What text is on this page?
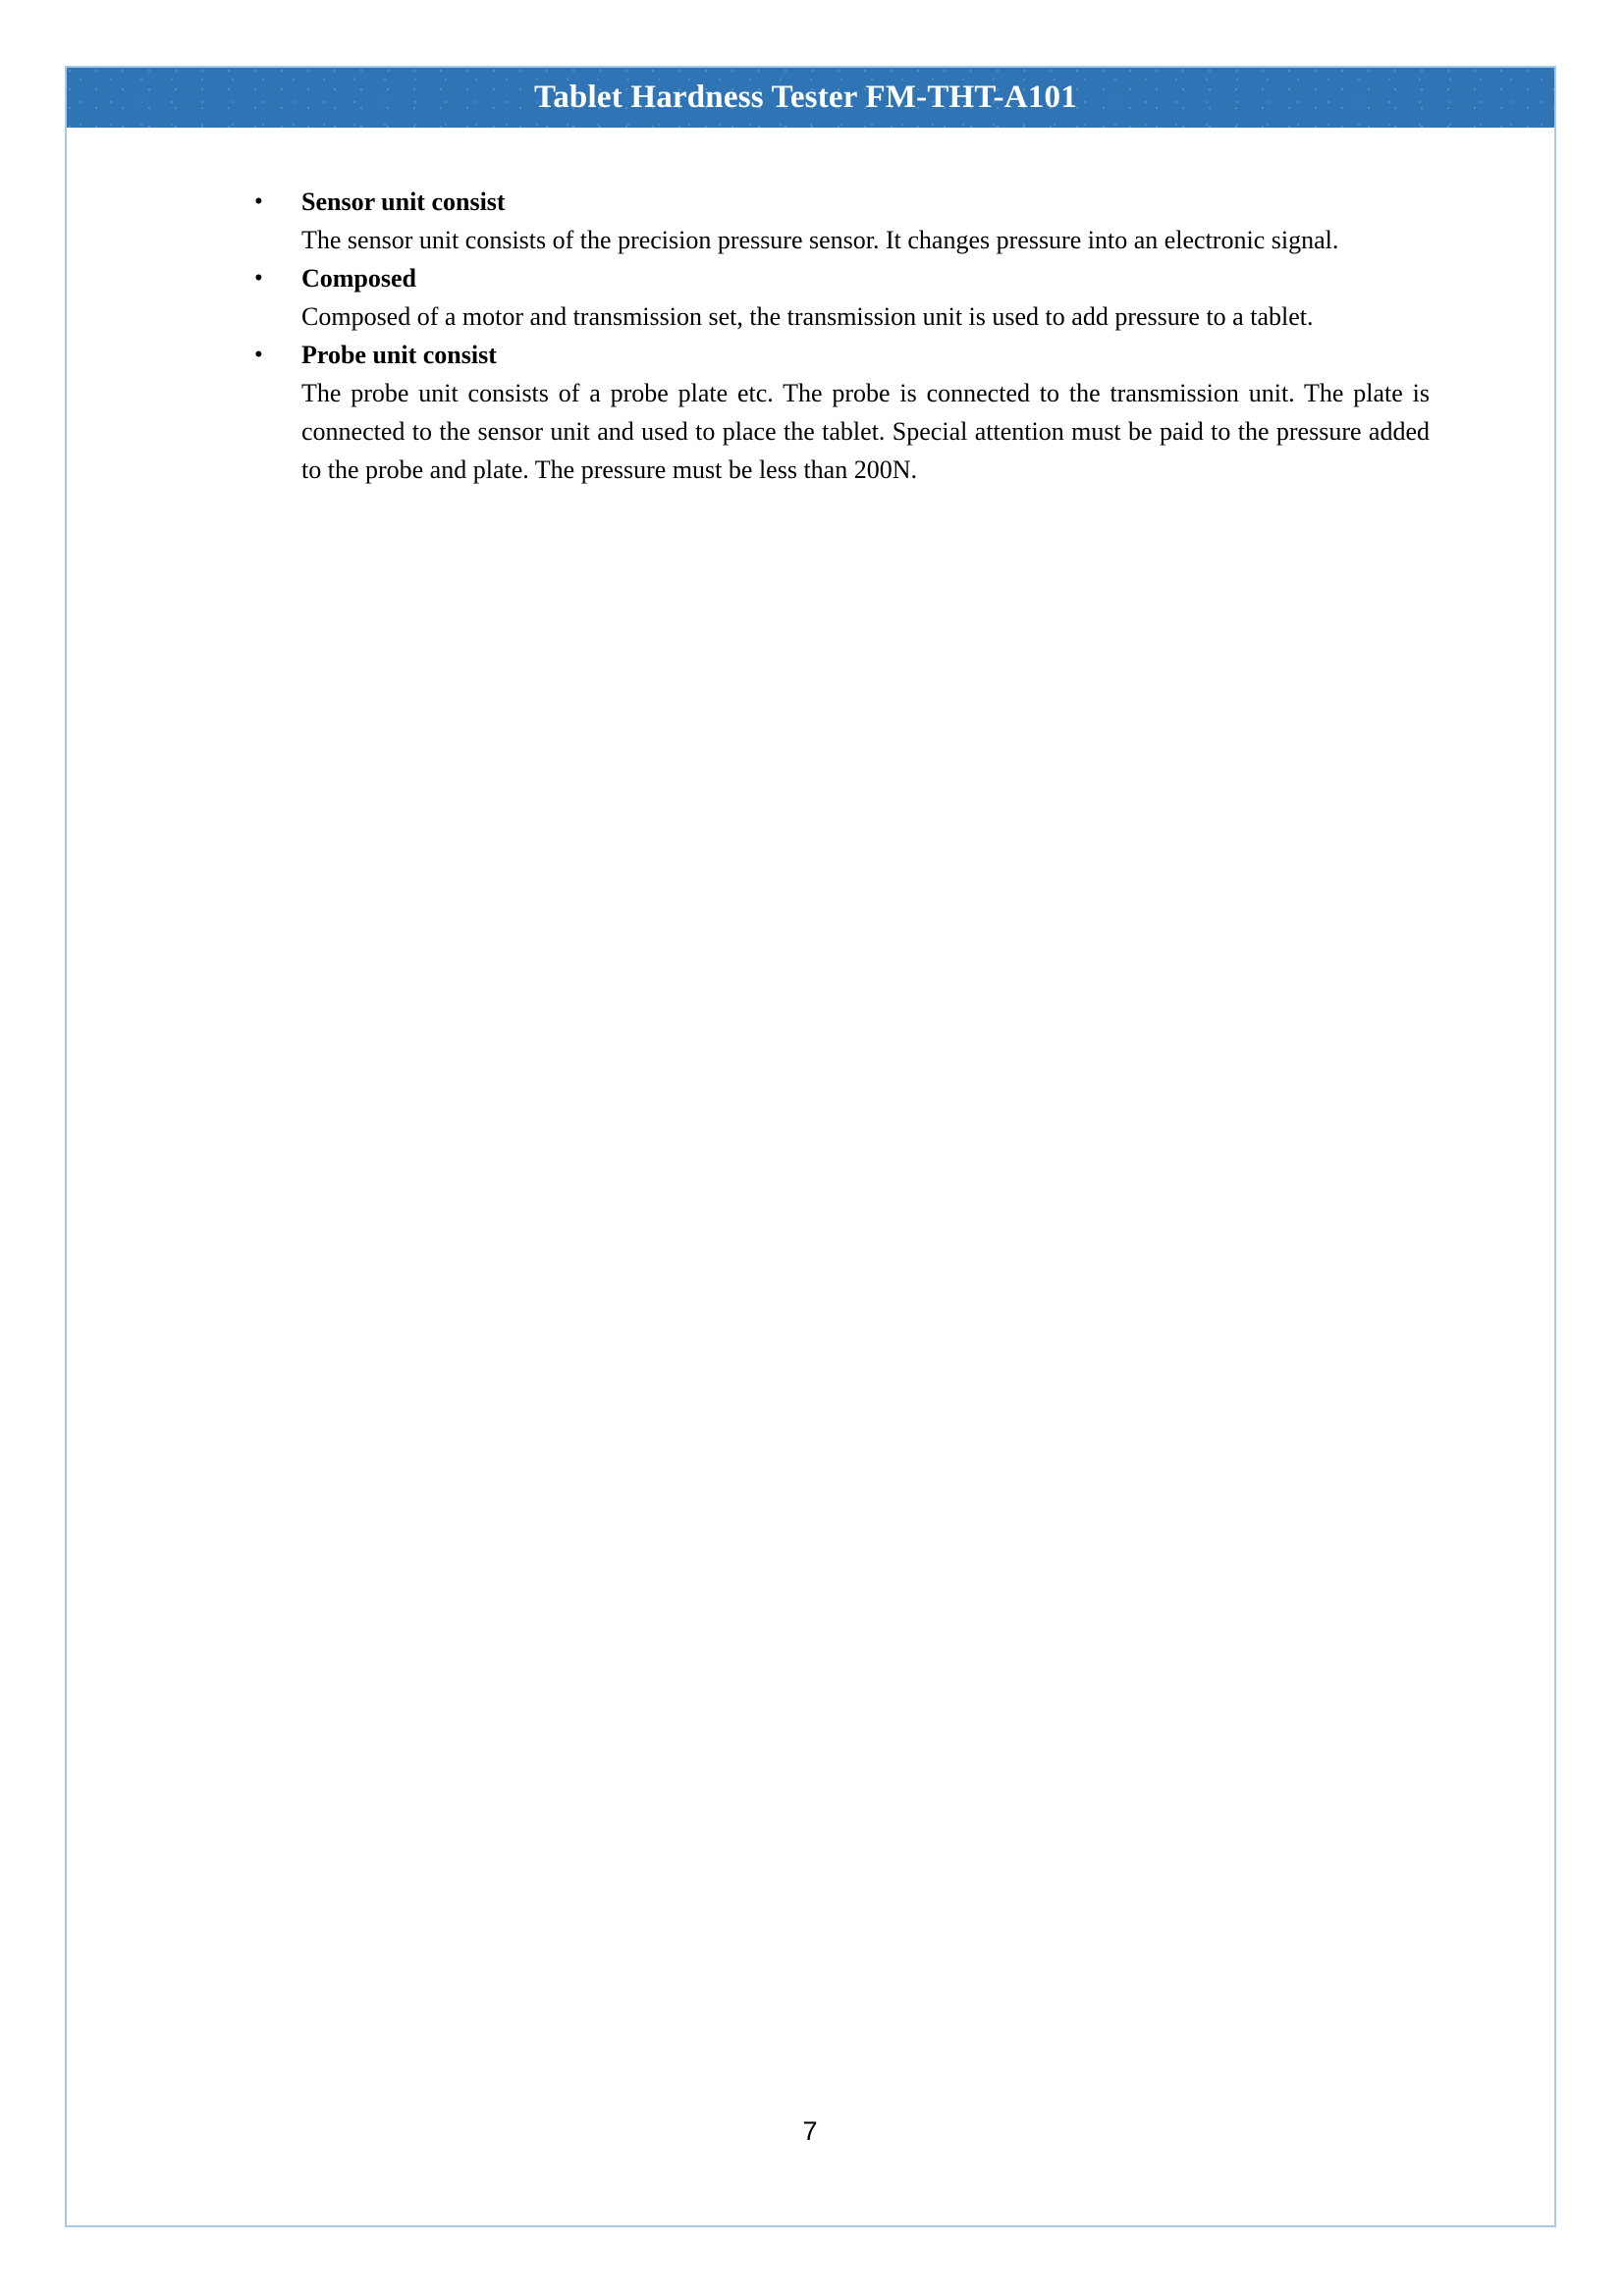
Tablet Hardness Tester FM-THT-A101
•	Sensor unit consist

The sensor unit consists of the precision pressure sensor. It changes pressure into an electronic signal.

•	Composed

Composed of a motor and transmission set, the transmission unit is used to add pressure to a tablet.

•	Probe unit consist

The probe unit consists of a probe plate etc. The probe is connected to the transmission unit. The plate is connected to the sensor unit and used to place the tablet. Special attention must be paid to the pressure added to the probe and plate. The pressure must be less than 200N.

7
